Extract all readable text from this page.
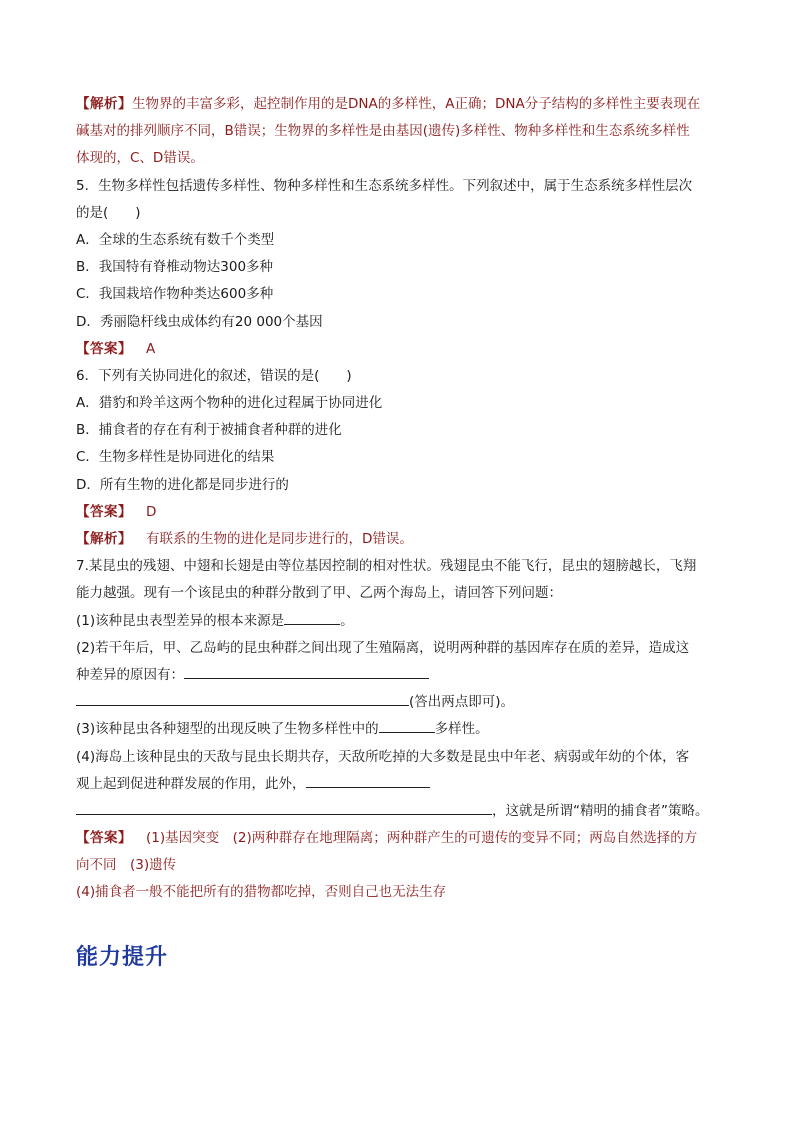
【解析】生物界的丰富多彩，起控制作用的是DNA的多样性，A正确；DNA分子结构的多样性主要表现在
碱基对的排列顺序不同，B错误；生物界的多样性是由基因(遗传)多样性、物种多样性和生态系统多样性
体现的，C、D错误。
5．生物多样性包括遗传多样性、物种多样性和生态系统多样性。下列叙述中，属于生态系统多样性层次
的是(　　)
A．全球的生态系统有数千个类型
B．我国特有脊椎动物达300多种
C．我国栽培作物种类达600多种
D．秀丽隐杆线虫成体约有20 000个基因
【答案】 A
6．下列有关协同进化的叙述，错误的是(　　)
A．猎豹和羚羊这两个物种的进化过程属于协同进化
B．捕食者的存在有利于被捕食者种群的进化
C．生物多样性是协同进化的结果
D．所有生物的进化都是同步进行的
【答案】 D
【解析】 有联系的生物的进化是同步进行的，D错误。
7.某昆虫的残翅、中翅和长翅是由等位基因控制的相对性状。残翅昆虫不能飞行，昆虫的翅膀越长，飞翔
能力越强。现有一个该昆虫的种群分散到了甲、乙两个海岛上，请回答下列问题：
(1)该种昆虫表型差异的根本来源是	。
(2)若干年后，甲、乙岛屿的昆虫种群之间出现了生殖隔离，说明两种群的基因库存在质的差异，造成这
种差异的原因有：
(答出两点即可)。
(3)该种昆虫各种翅型的出现反映了生物多样性中的	多样性。
(4)海岛上该种昆虫的天敌与昆虫长期共存，天敌所吃掉的大多数是昆虫中年老、病弱或年幼的个体，客
观上起到促进种群发展的作用，此外，
，这就是所谓“精明的捕食者”策略。
【答案】 (1)基因突变　(2)两种群存在地理隔离；两种群产生的可遗传的变异不同；两岛自然选择的方
向不同　(3)遗传
(4)捕食者一般不能把所有的猎物都吃掉，否则自己也无法生存
能力提升
